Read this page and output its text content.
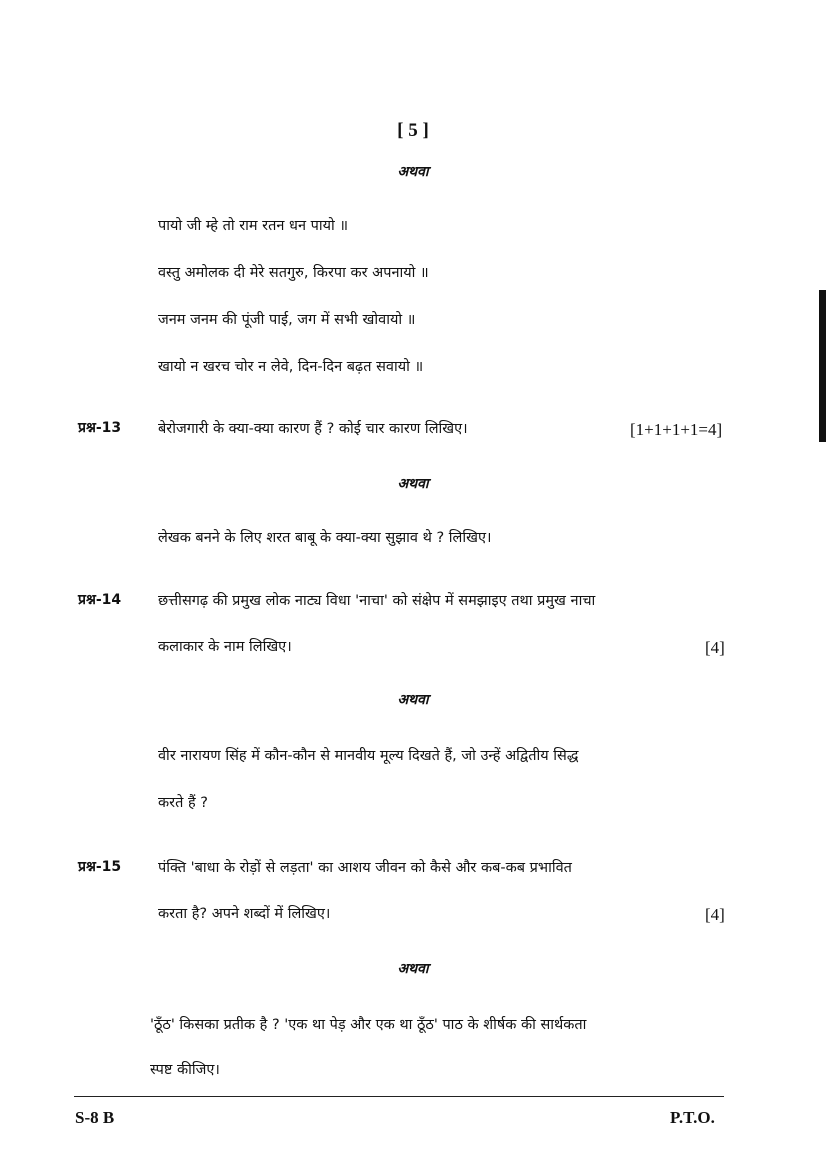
[ 5 ]
अथवा
पायो जी म्हे तो राम रतन धन पायो ॥
वस्तु अमोलक दी मेरे सतगुरु, किरपा कर अपनायो ॥
जनम जनम की पूंजी पाई, जग में सभी खोवायो ॥
खायो न खरच चोर न लेवे, दिन-दिन बढ़त सवायो ॥
प्रश्न-13	बेरोजगारी के क्या-क्या कारण हैं ? कोई चार कारण लिखिए।	[1+1+1+1=4]
अथवा
लेखक बनने के लिए शरत बाबू के क्या-क्या सुझाव थे ? लिखिए।
प्रश्न-14	छत्तीसगढ़ की प्रमुख लोक नाट्य विधा 'नाचा' को संक्षेप में समझाइए तथा प्रमुख नाचा
कलाकार के नाम लिखिए।	[4]
अथवा
वीर नारायण सिंह में कौन-कौन से मानवीय मूल्य दिखते हैं, जो उन्हें अद्वितीय सिद्ध
करते हैं ?
प्रश्न-15	पंक्ति 'बाधा के रोड़ों से लड़ता' का आशय जीवन को कैसे और कब-कब प्रभावित
करता है? अपने शब्दों में लिखिए।	[4]
अथवा
'ठूँठ' किसका प्रतीक है ? 'एक था पेड़ और एक था ठूँठ' पाठ के शीर्षक की सार्थकता
स्पष्ट कीजिए।
S-8 B	P.T.O.
